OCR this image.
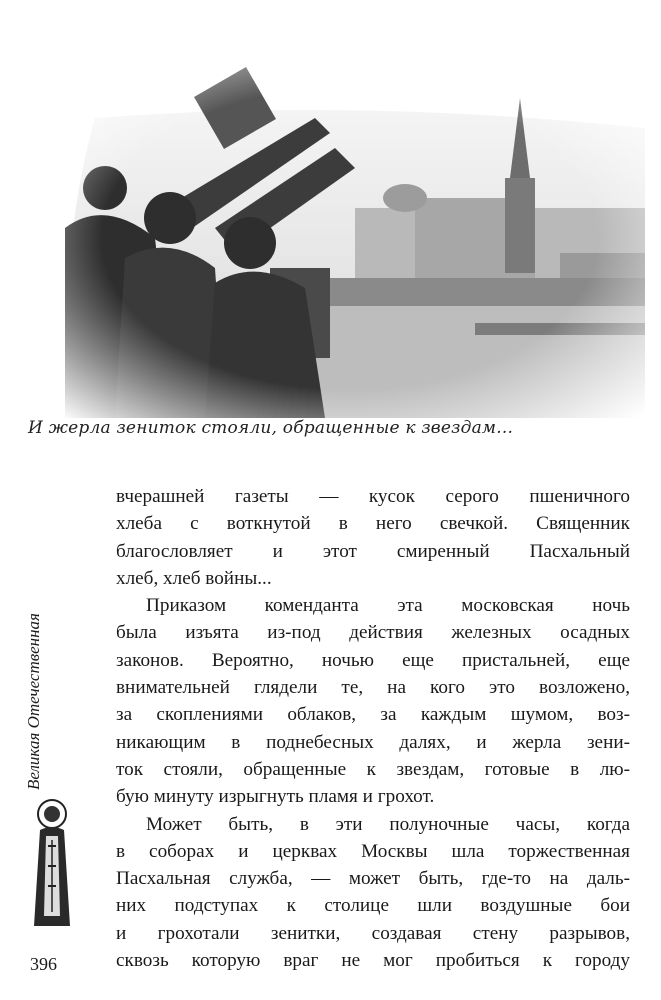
И жерла зениток стояли, обращенные к звездам...
Великая Отечественная
396

вчерашней газеты — кусок серого пшеничного
хлеба с воткнутой в него свечкой. Священник
благословляет и этот смиренный Пасхальный
хлеб, хлеб войны...

Приказом коменданта эта московская ночь
была изъята из-под действия железных осадных
законов. Вероятно, ночью еще пристальней, еще
внимательней глядели те, на кого это возложено,
за скоплениями облаков, за каждым шумом, воз-
никающим в поднебесных далях, и жерла зени-
ток стояли, обращенные к звездам, готовые в лю-
бую минуту изрыгнуть пламя и грохот.

Может быть, в эти полуночные часы, когда
в соборах и церквах Москвы шла торжественная
Пасхальная служба, — может быть, где-то на даль-
них подступах к столице шли воздушные бои
и грохотали зенитки, создавая стену разрывов,
сквозь которую враг не мог пробиться к городу
